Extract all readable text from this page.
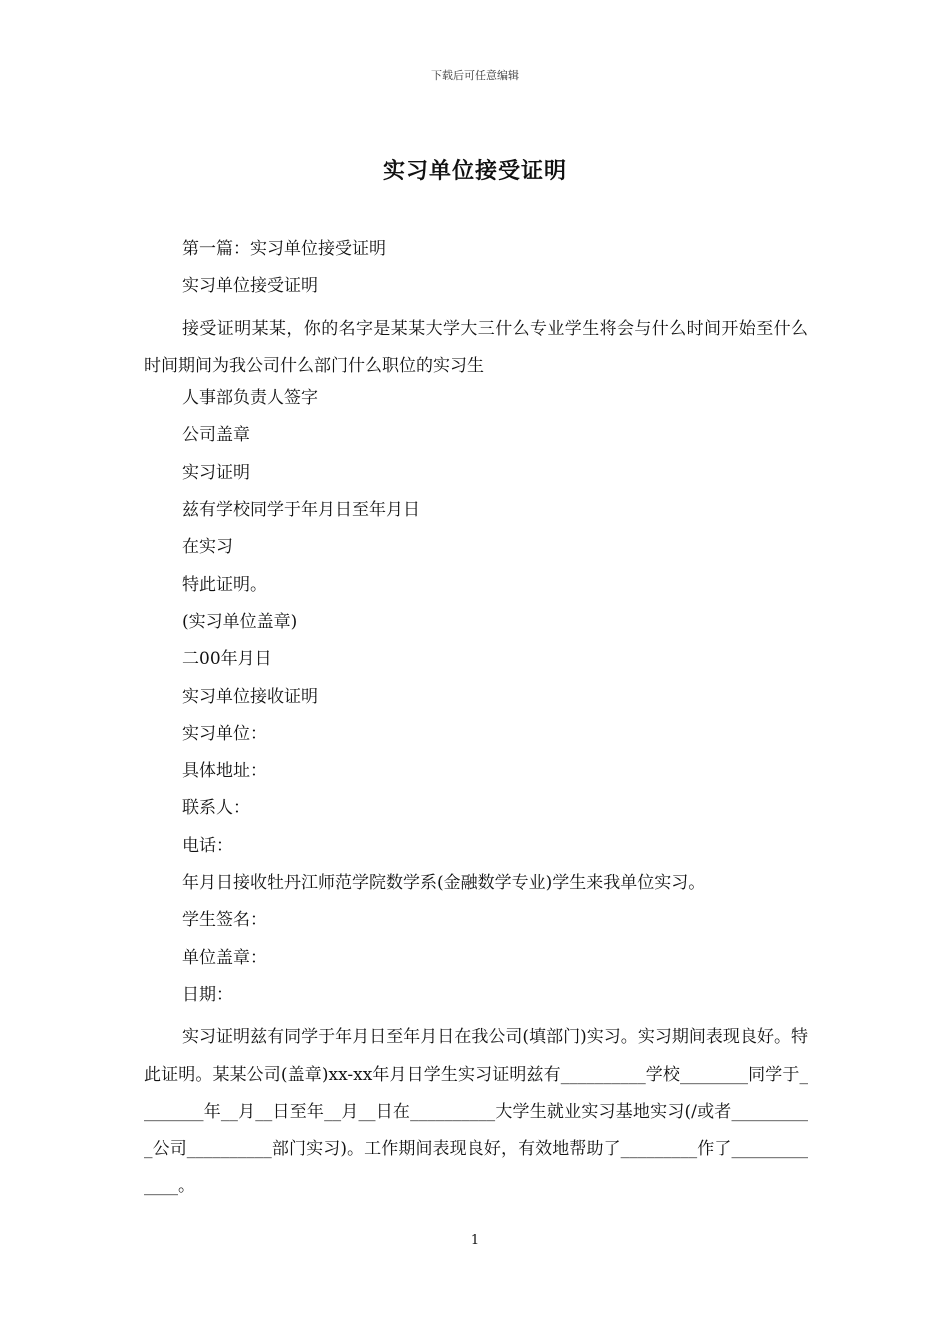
下载后可任意编辑
实习单位接受证明
第一篇：实习单位接受证明
实习单位接受证明
接受证明某某，你的名字是某某大学大三什么专业学生将会与什么时间开始至什么时间期间为我公司什么部门什么职位的实习生
人事部负责人签字
公司盖章
实习证明
兹有学校同学于年月日至年月日
在实习
特此证明。
(实习单位盖章)
二00年月日
实习单位接收证明
实习单位：
具体地址：
联系人：
电话：
年月日接收牡丹江师范学院数学系(金融数学专业)学生来我单位实习。
学生签名：
单位盖章：
日期：
实习证明兹有同学于年月日至年月日在我公司(填部门)实习。实习期间表现良好。特此证明。某某公司(盖章)xx-xx年月日学生实习证明兹有__________学校________同学于________年__月__日至年__月__日在__________大学生就业实习基地实习(/或者__________公司__________部门实习)。工作期间表现良好，有效地帮助了_________作了_____________。
1
